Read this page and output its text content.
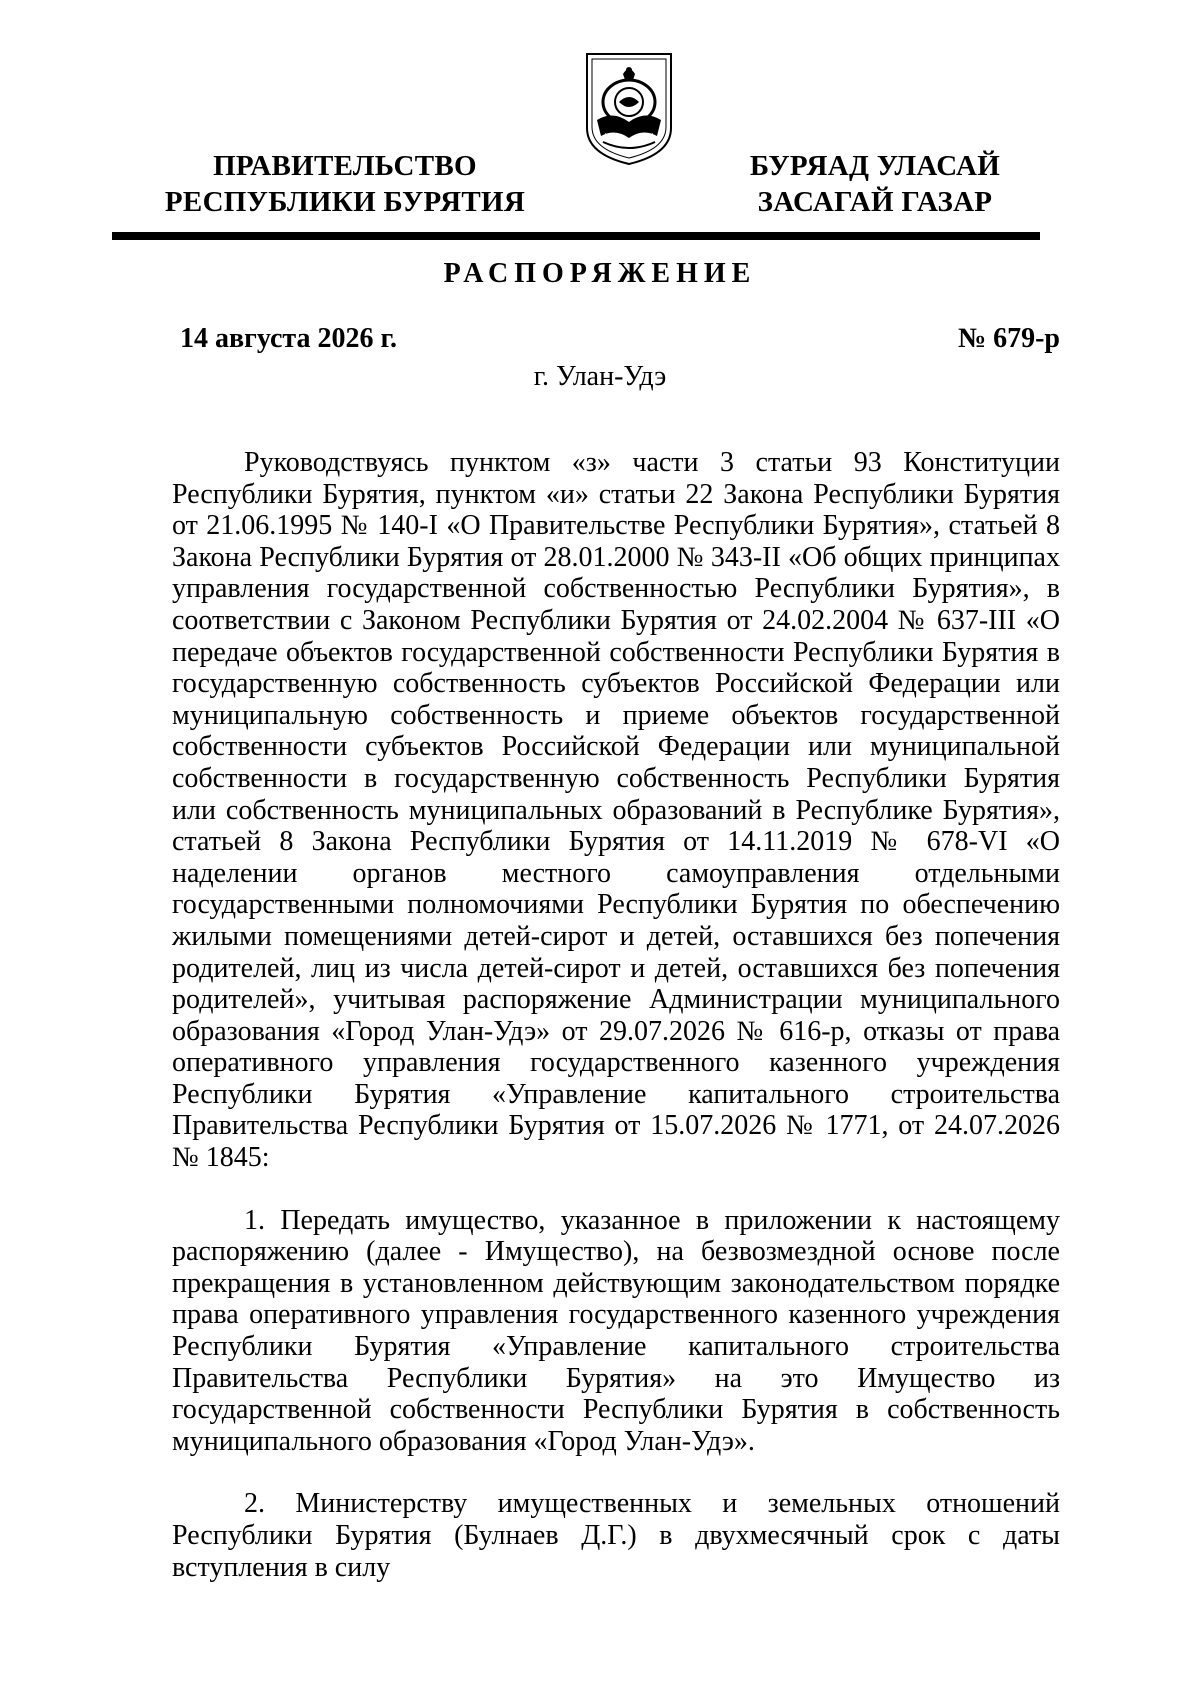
ПРАВИТЕЛЬСТВО
РЕСПУБЛИКИ БУРЯТИЯ
БУРЯАД УЛАСАЙ
ЗАСАГАЙ ГАЗАР
РАСПОРЯЖЕНИЕ
14 августа 2026 г.	№ 679-р
г. Улан-Удэ

Руководствуясь пунктом «з» части 3 статьи 93 Конституции Республики Бурятия, пунктом «и» статьи 22 Закона Республики Бурятия от 21.06.1995 № 140-I «О Правительстве Республики Бурятия», статьей 8 Закона Республики Бурятия от 28.01.2000 № 343-II «Об общих принципах управления государственной собственностью Республики Бурятия», в соответствии с Законом Республики Бурятия от 24.02.2004 № 637-III «О передаче объектов государственной собственности Республики Бурятия в государственную собственность субъектов Российской Федерации или муниципальную собственность и приеме объектов государственной собственности субъектов Российской Федерации или муниципальной собственности в государственную собственность Республики Бурятия или собственность муниципальных образований в Республике Бурятия», статьей 8 Закона Республики Бурятия от 14.11.2019 № 678-VI «О наделении органов местного самоуправления отдельными государственными полномочиями Республики Бурятия по обеспечению жилыми помещениями детей-сирот и детей, оставшихся без попечения родителей, лиц из числа детей-сирот и детей, оставшихся без попечения родителей», учитывая распоряжение Администрации муниципального образования «Город Улан-Удэ» от 29.07.2026 № 616-р, отказы от права оперативного управления государственного казенного учреждения Республики Бурятия «Управление капитального строительства Правительства Республики Бурятия от 15.07.2026 № 1771, от 24.07.2026 № 1845:

1. Передать имущество, указанное в приложении к настоящему распоряжению (далее - Имущество), на безвозмездной основе после прекращения в установленном действующим законодательством порядке права оперативного управления государственного казенного учреждения Республики Бурятия «Управление капитального строительства Правительства Республики Бурятия» на это Имущество из государственной собственности Республики Бурятия в собственность муниципального образования «Город Улан-Удэ».

2. Министерству имущественных и земельных отношений Республики Бурятия (Булнаев Д.Г.) в двухмесячный срок с даты вступления в силу
